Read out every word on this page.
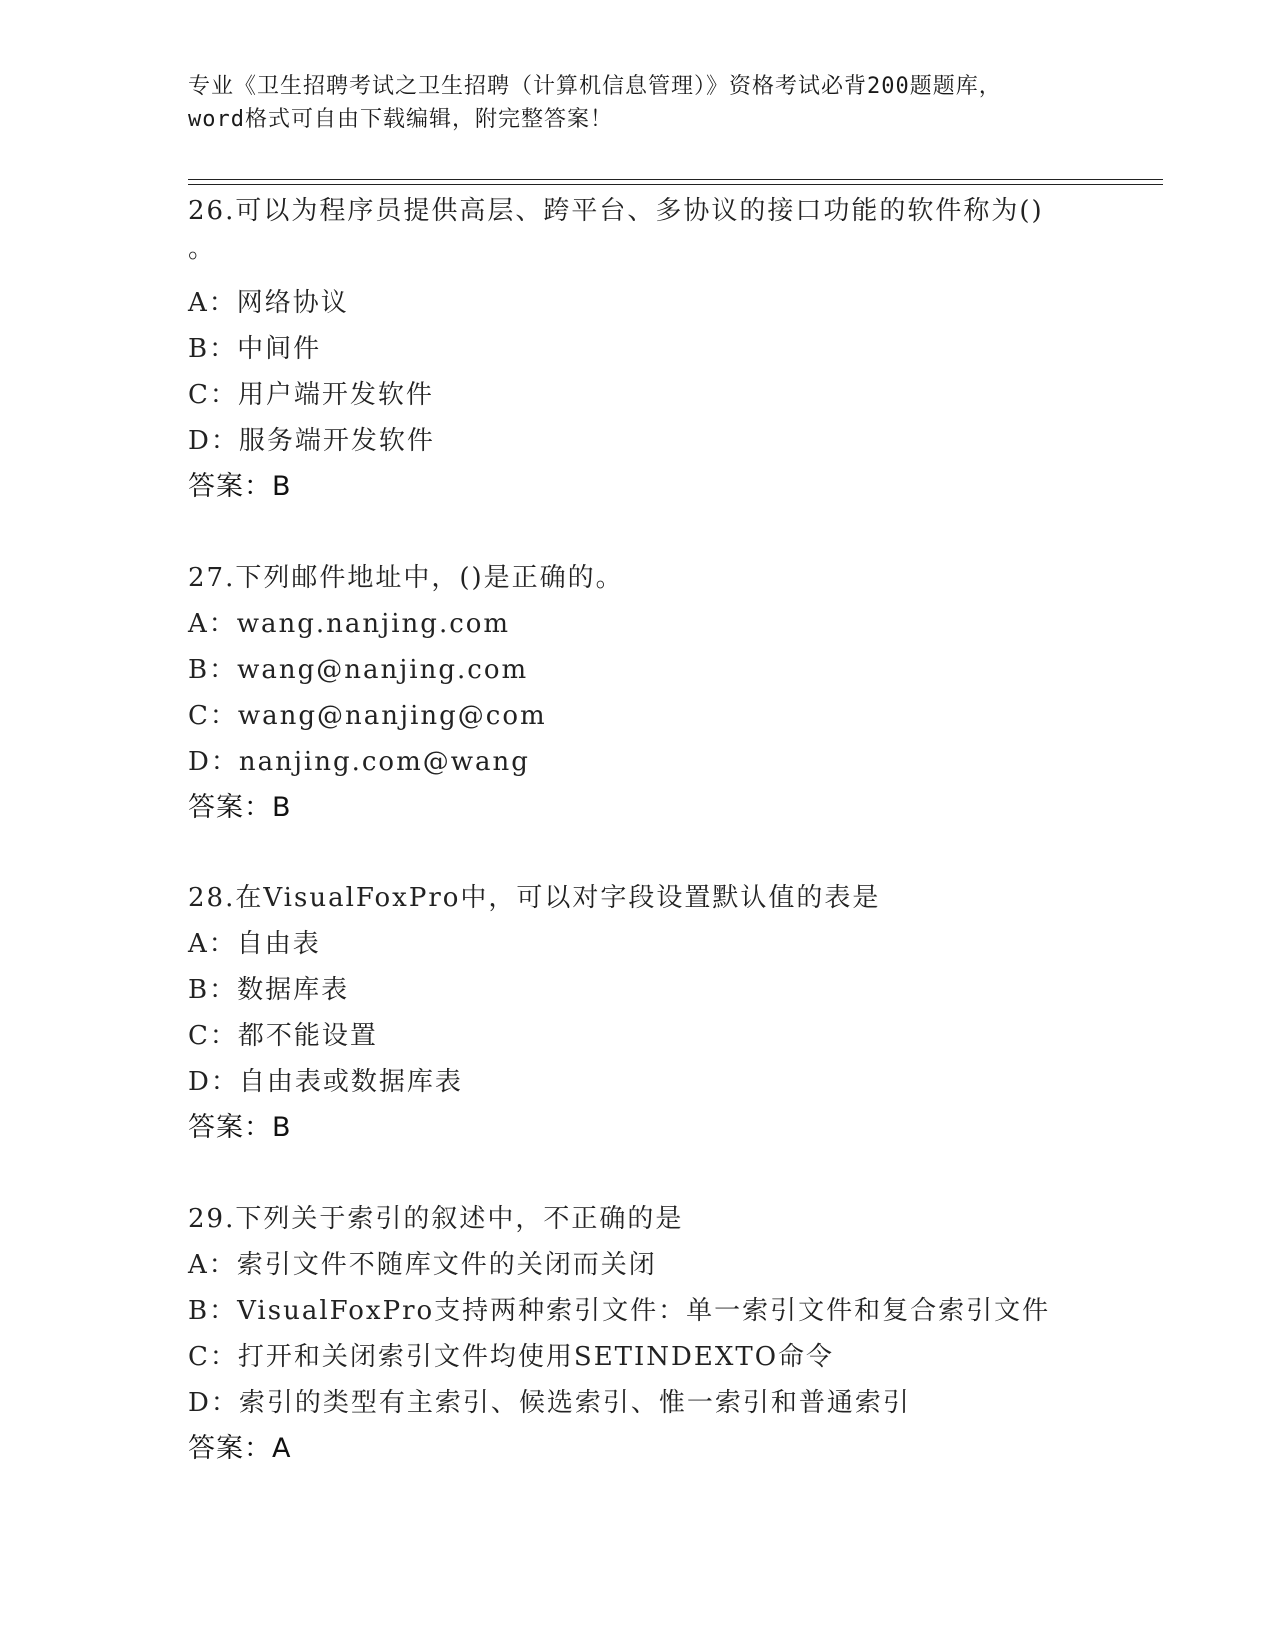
专业《卫生招聘考试之卫生招聘（计算机信息管理）》资格考试必背200题题库，
word格式可自由下载编辑，附完整答案！
26.可以为程序员提供高层、跨平台、多协议的接口功能的软件称为()
。
A：网络协议
B：中间件
C：用户端开发软件
D：服务端开发软件
答案：B
27.下列邮件地址中，()是正确的。
A：wang.nanjing.com
B：wang@nanjing.com
C：wang@nanjing@com
D：nanjing.com@wang
答案：B
28.在VisualFoxPro中，可以对字段设置默认值的表是
A：自由表
B：数据库表
C：都不能设置
D：自由表或数据库表
答案：B
29.下列关于索引的叙述中，不正确的是
A：索引文件不随库文件的关闭而关闭
B：VisualFoxPro支持两种索引文件：单一索引文件和复合索引文件
C：打开和关闭索引文件均使用SETINDEXTO命令
D：索引的类型有主索引、候选索引、惟一索引和普通索引
答案：A
